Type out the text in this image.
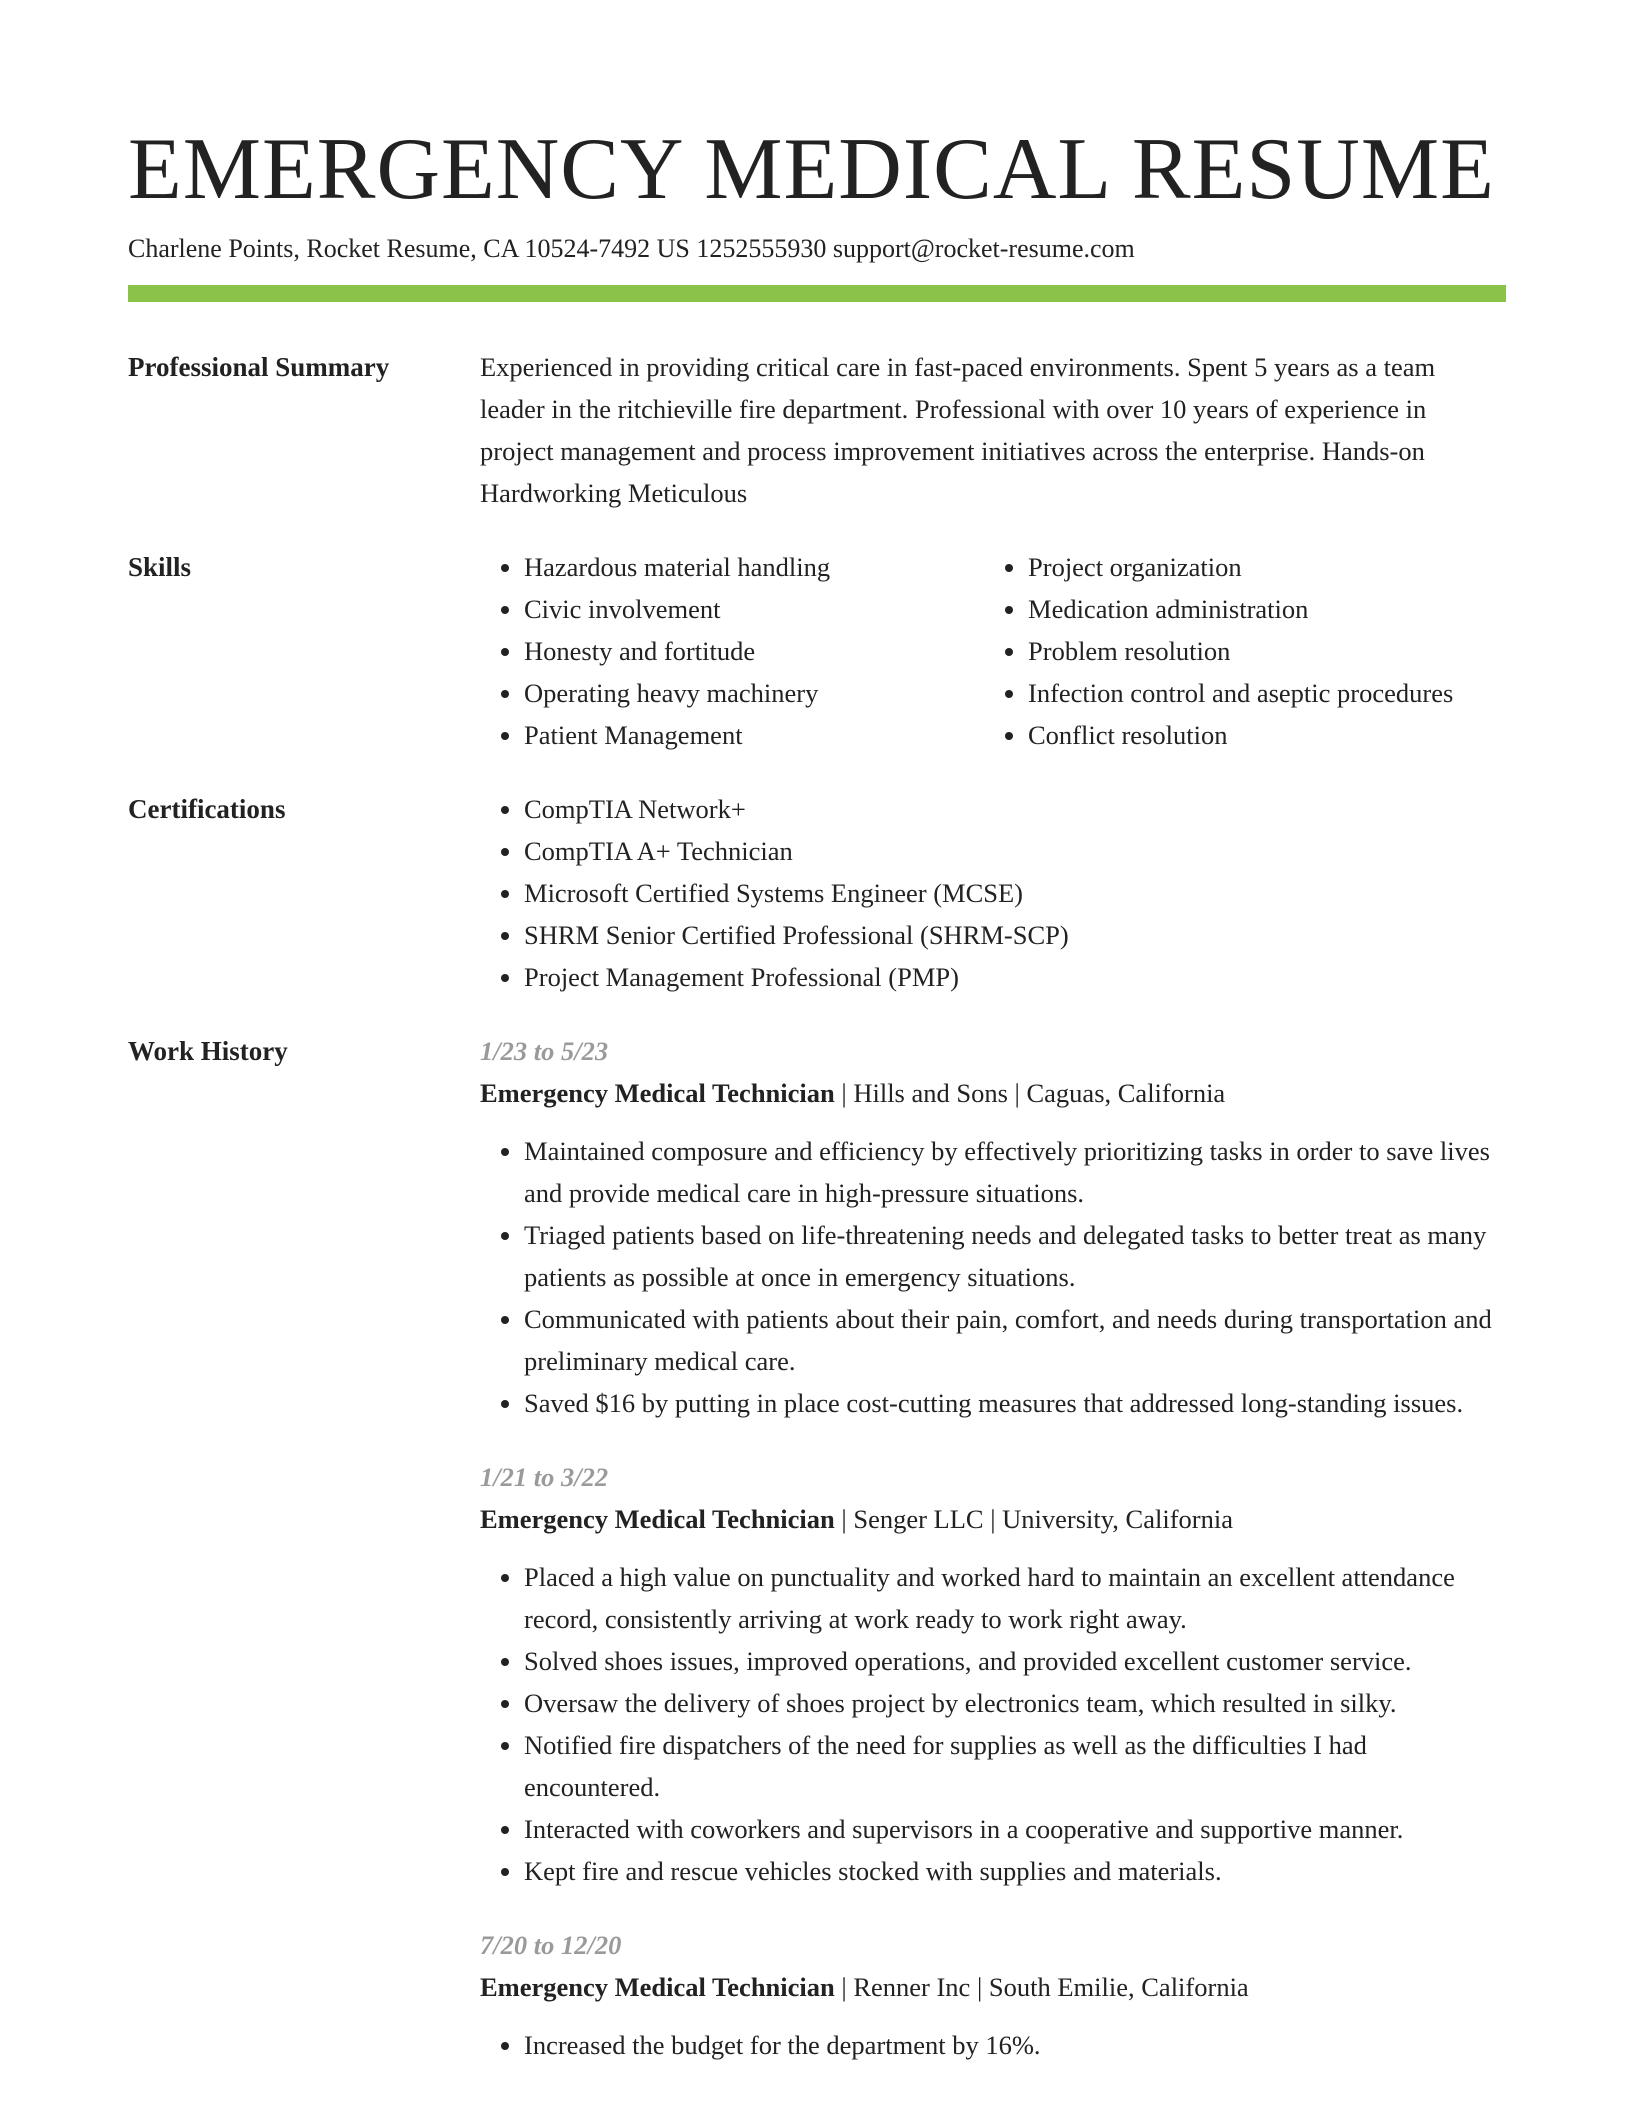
EMERGENCY MEDICAL RESUME
Charlene Points, Rocket Resume, CA 10524-7492 US 1252555930 support@rocket-resume.com
Professional Summary	Experienced in providing critical care in fast-paced environments. Spent 5 years as a team leader in the ritchieville fire department. Professional with over 10 years of experience in project management and process improvement initiatives across the enterprise. Hands-on Hardworking Meticulous

Skills	• Hazardous material handling
• Civic involvement
• Honesty and fortitude
• Operating heavy machinery
• Patient Management
• Project organization
• Medication administration
• Problem resolution
• Infection control and aseptic procedures
• Conflict resolution
Certifications	• CompTIA Network+
• CompTIA A+ Technician
• Microsoft Certified Systems Engineer (MCSE)
• SHRM Senior Certified Professional (SHRM-SCP)
• Project Management Professional (PMP)
Work History	1/23 to 5/23
Emergency Medical Technician | Hills and Sons | Caguas, California
• Maintained composure and efficiency by effectively prioritizing tasks in order to save lives and provide medical care in high-pressure situations.
• Triaged patients based on life-threatening needs and delegated tasks to better treat as many patients as possible at once in emergency situations.
• Communicated with patients about their pain, comfort, and needs during transportation and preliminary medical care.
• Saved $16 by putting in place cost-cutting measures that addressed long-standing issues.
1/21 to 3/22
Emergency Medical Technician | Senger LLC | University, California
• Placed a high value on punctuality and worked hard to maintain an excellent attendance record, consistently arriving at work ready to work right away.
• Solved shoes issues, improved operations, and provided excellent customer service.
• Oversaw the delivery of shoes project by electronics team, which resulted in silky.
• Notified fire dispatchers of the need for supplies as well as the difficulties I had encountered.
• Interacted with coworkers and supervisors in a cooperative and supportive manner.
• Kept fire and rescue vehicles stocked with supplies and materials.
7/20 to 12/20
Emergency Medical Technician | Renner Inc | South Emilie, California
• Increased the budget for the department by 16%.
